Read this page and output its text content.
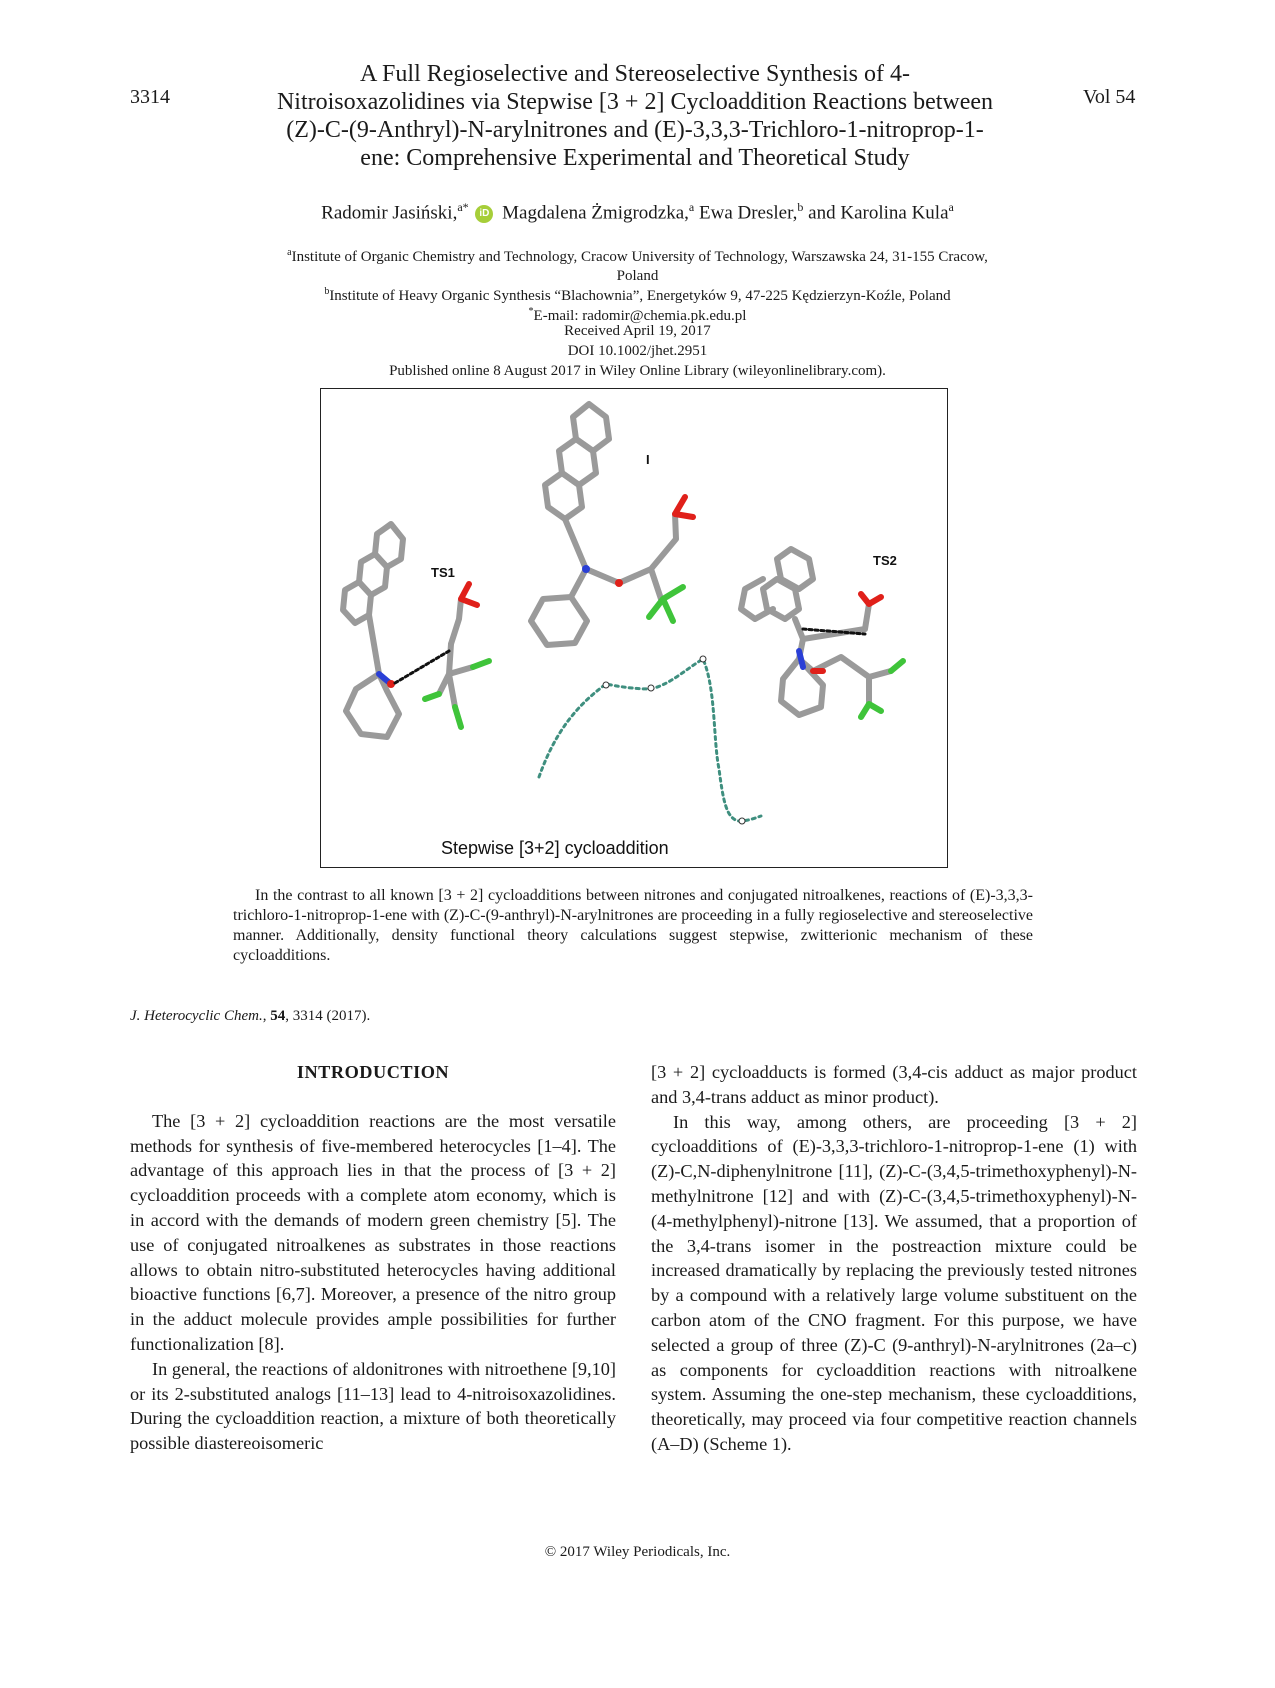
3314	Vol 54
A Full Regioselective and Stereoselective Synthesis of 4-
Nitroisoxazolidines via Stepwise [3 + 2] Cycloaddition Reactions between
(Z)-C-(9-Anthryl)-N-arylnitrones and (E)-3,3,3-Trichloro-1-nitroprop-1-
ene: Comprehensive Experimental and Theoretical Study
Radomir Jasiński,$^{a*}$ iD Magdalena Żmigrodzka,$^a$ Ewa Dresler,$^b$ and Karolina Kula$^a$
$^a$Institute of Organic Chemistry and Technology, Cracow University of Technology, Warszawska 24, 31-155 Cracow,
Poland
$^b$Institute of Heavy Organic Synthesis “Blachownia”, Energetyków 9, 47-225 Kędzierzyn-Koźle, Poland
*E-mail: radomir@chemia.pk.edu.pl
Received April 19, 2017
DOI 10.1002/jhet.2951
Published online 8 August 2017 in Wiley Online Library (wileyonlinelibrary.com).
I
TS1
TS2
Stepwise [3+2] cycloaddition
In the contrast to all known [3 + 2] cycloadditions between nitrones and conjugated nitroalkenes, reactions of (E)-3,3,3-trichloro-1-nitroprop-1-ene with (Z)-C-(9-anthryl)-N-arylnitrones are proceeding in a fully regioselective and stereoselective manner. Additionally, density functional theory calculations suggest stepwise, zwitterionic mechanism of these cycloadditions.
J. Heterocyclic Chem., 54, 3314 (2017).
INTRODUCTION

The [3 + 2] cycloaddition reactions are the most versatile methods for synthesis of five-membered heterocycles [1–4]. The advantage of this approach lies in that the process of [3 + 2] cycloaddition proceeds with a complete atom economy, which is in accord with the demands of modern green chemistry [5]. The use of conjugated nitroalkenes as substrates in those reactions allows to obtain nitro-substituted heterocycles having additional bioactive functions [6,7]. Moreover, a presence of the nitro group in the adduct molecule provides ample possibilities for further functionalization [8].

In general, the reactions of aldonitrones with nitroethene [9,10] or its 2-substituted analogs [11–13] lead to 4-nitroisoxazolidines. During the cycloaddition reaction, a mixture of both theoretically possible diastereoisomeric

[3 + 2] cycloadducts is formed (3,4-cis adduct as major product and 3,4-trans adduct as minor product).

In this way, among others, are proceeding [3 + 2] cycloadditions of (E)-3,3,3-trichloro-1-nitroprop-1-ene (1) with (Z)-C,N-diphenylnitrone [11], (Z)-C-(3,4,5-trimethoxyphenyl)-N-methylnitrone [12] and with (Z)-C-(3,4,5-trimethoxyphenyl)-N-(4-methylphenyl)-nitrone [13]. We assumed, that a proportion of the 3,4-trans isomer in the postreaction mixture could be increased dramatically by replacing the previously tested nitrones by a compound with a relatively large volume substituent on the carbon atom of the CNO fragment. For this purpose, we have selected a group of three (Z)-C (9-anthryl)-N-arylnitrones (2a–c) as components for cycloaddition reactions with nitroalkene system. Assuming the one-step mechanism, these cycloadditions, theoretically, may proceed via four competitive reaction channels (A–D) (Scheme 1).

© 2017 Wiley Periodicals, Inc.
